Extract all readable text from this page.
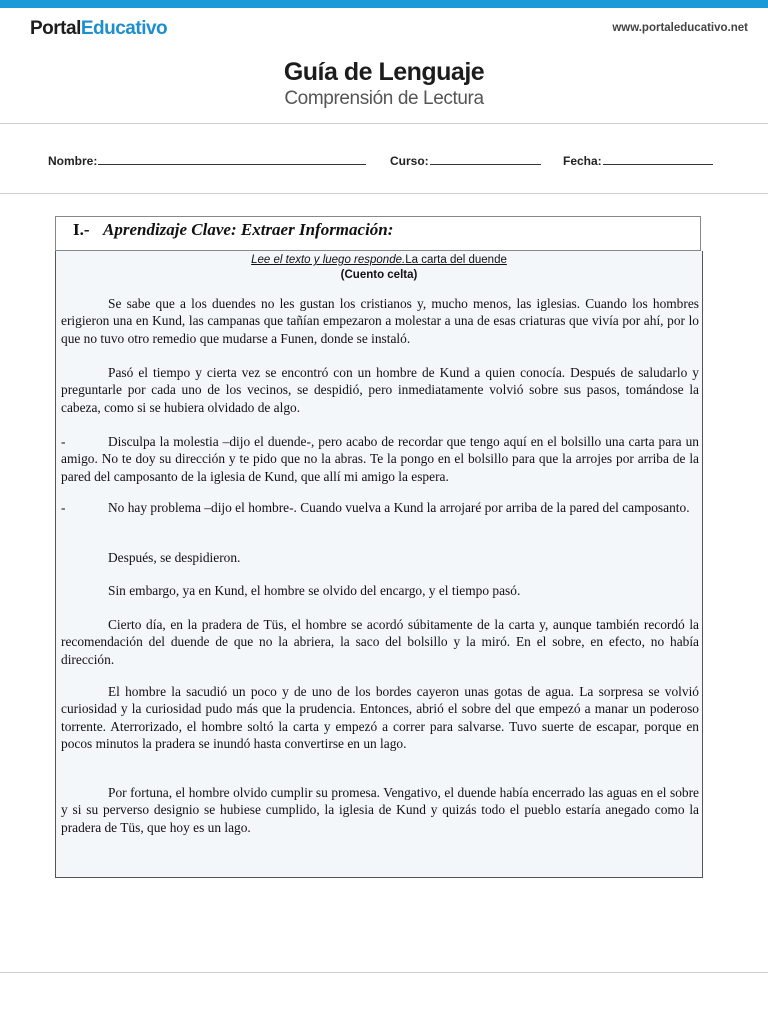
PortalEducativo	www.portaleducativo.net
Guía de Lenguaje
Comprensión de Lectura
Nombre:	Curso:	Fecha:
I.- Aprendizaje Clave: Extraer Información:
Lee el texto y luego responde.La carta del duende
(Cuento celta)

Se sabe que a los duendes no les gustan los cristianos y, mucho menos, las iglesias. Cuando los hombres erigieron una en Kund, las campanas que tañían empezaron a molestar a una de esas criaturas que vivía por ahí, por lo que no tuvo otro remedio que mudarse a Funen, donde se instaló.

Pasó el tiempo y cierta vez se encontró con un hombre de Kund a quien conocía. Después de saludarlo y preguntarle por cada uno de los vecinos, se despidió, pero inmediatamente volvió sobre sus pasos, tomándose la cabeza, como si se hubiera olvidado de algo.

-	Disculpa la molestia –dijo el duende-, pero acabo de recordar que tengo aquí en el bolsillo una carta para un amigo. No te doy su dirección y te pido que no la abras. Te la pongo en el bolsillo para que la arrojes por arriba de la pared del camposanto de la iglesia de Kund, que allí mi amigo la espera.

-	No hay problema –dijo el hombre-. Cuando vuelva a Kund la arrojaré por arriba de la pared del camposanto.

Después, se despidieron.

Sin embargo, ya en Kund, el hombre se olvido del encargo, y el tiempo pasó.

Cierto día, en la pradera de Tüs, el hombre se acordó súbitamente de la carta y, aunque también recordó la recomendación del duende de que no la abriera, la saco del bolsillo y la miró. En el sobre, en efecto, no había dirección.

El hombre la sacudió un poco y de uno de los bordes cayeron unas gotas de agua. La sorpresa se volvió curiosidad y la curiosidad pudo más que la prudencia. Entonces, abrió el sobre del que empezó a manar un poderoso torrente. Aterrorizado, el hombre soltó la carta y empezó a correr para salvarse. Tuvo suerte de escapar, porque en pocos minutos la pradera se inundó hasta convertirse en un lago.

Por fortuna, el hombre olvido cumplir su promesa. Vengativo, el duende había encerrado las aguas en el sobre y si su perverso designio se hubiese cumplido, la iglesia de Kund y quizás todo el pueblo estaría anegado como la pradera de Tüs, que hoy es un lago.
